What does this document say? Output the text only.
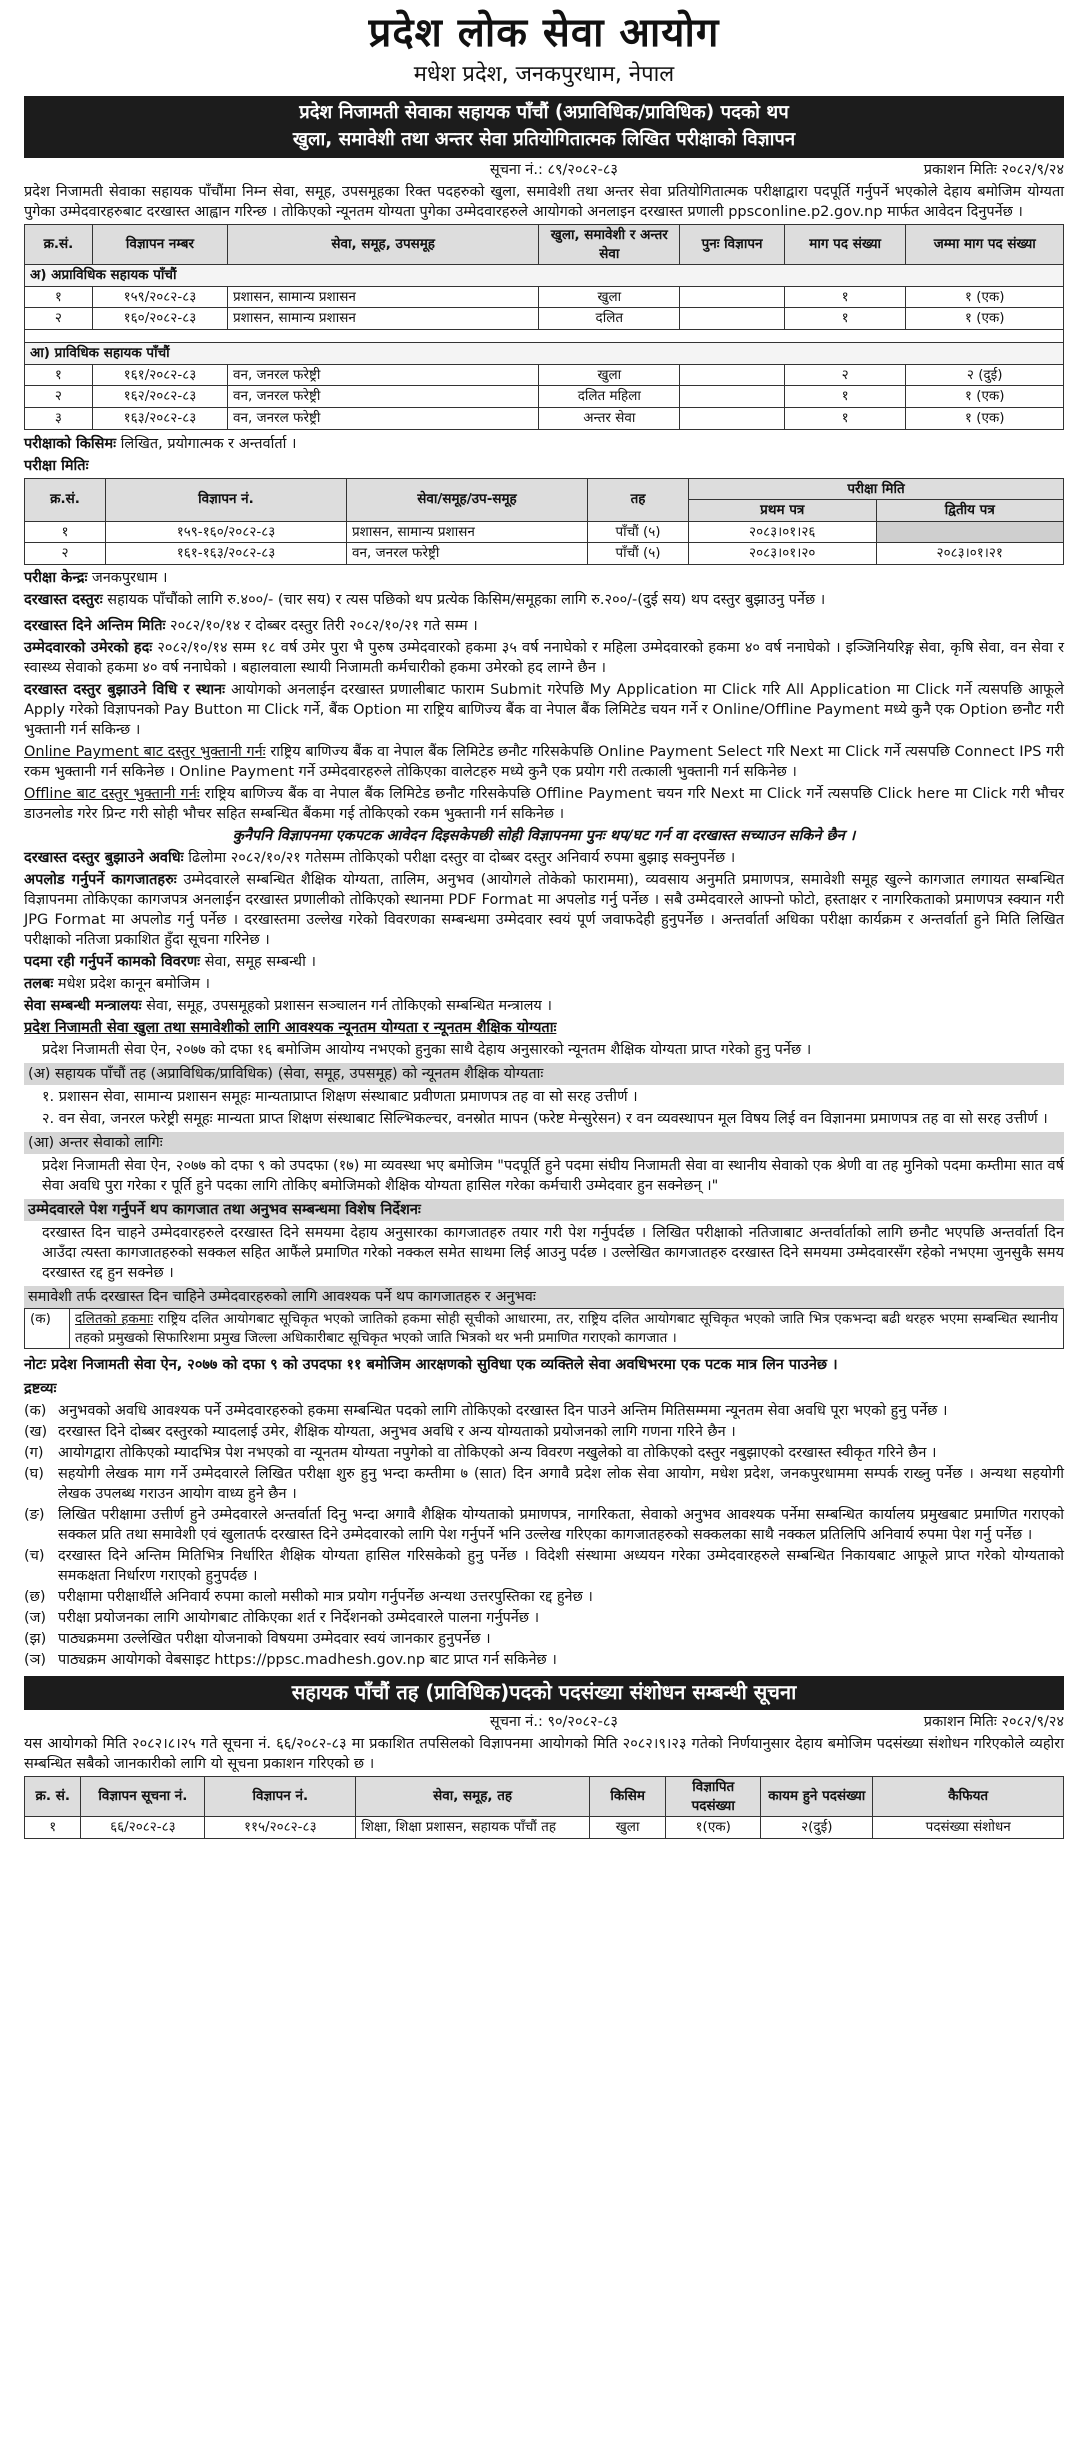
प्रदेश लोक सेवा आयोग
मधेश प्रदेश, जनकपुरधाम, नेपाल
प्रदेश निजामती सेवाका सहायक पाँचौं (अप्राविधिक/प्राविधिक) पदको थप
खुला, समावेशी तथा अन्तर सेवा प्रतियोगितात्मक लिखित परीक्षाको विज्ञापन
सूचना नं.: ८९/२०८२-८३	प्रकाशन मितिः २०८२/९/२४

प्रदेश निजामती सेवाका सहायक पाँचौंमा निम्न सेवा, समूह, उपसमूहका रिक्त पदहरुको खुला, समावेशी तथा अन्तर सेवा प्रतियोगितात्मक परीक्षाद्वारा पदपूर्ति गर्नुपर्ने भएकोले देहाय बमोजिम योग्यता पुगेका उम्मेदवारहरुबाट दरखास्त आह्वान गरिन्छ । तोकिएको न्यूनतम योग्यता पुगेका उम्मेदवारहरुले आयोगको अनलाइन दरखास्त प्रणाली ppsconline.p2.gov.np मार्फत आवेदन दिनुपर्नेछ ।

क्र.सं.	विज्ञापन नम्बर	सेवा, समूह, उपसमूह	खुला, समावेशी र अन्तर सेवा	पुनः विज्ञापन	माग पद संख्या	जम्मा माग पद संख्या
अ) अप्राविधिक सहायक पाँचौं						
१	१५९/२०८२-८३	प्रशासन, सामान्य प्रशासन	खुला		१	१ (एक)
२	१६०/२०८२-८३	प्रशासन, सामान्य प्रशासन	दलित		१	१ (एक)

आ) प्राविधिक सहायक पाँचौं						
१	१६१/२०८२-८३	वन, जनरल फरेष्ट्री	खुला		२	२ (दुई)
२	१६२/२०८२-८३	वन, जनरल फरेष्ट्री	दलित महिला		१	१ (एक)
३	१६३/२०८२-८३	वन, जनरल फरेष्ट्री	अन्तर सेवा		१	१ (एक)

परीक्षाको किसिमः लिखित, प्रयोगात्मक र अन्तर्वार्ता ।

परीक्षा मितिः

क्र.सं.	विज्ञापन नं.	सेवा/समूह/उप-समूह	तह	परीक्षा मिति	
				प्रथम पत्र	द्वितीय पत्र
१	१५९-१६०/२०८२-८३	प्रशासन, सामान्य प्रशासन	पाँचौं (५)	२०८३।०१।२६	
२	१६१-१६३/२०८२-८३	वन, जनरल फरेष्ट्री	पाँचौं (५)	२०८३।०१।२०	२०८३।०१।२१

परीक्षा केन्द्रः जनकपुरधाम ।

दरखास्त दस्तुरः सहायक पाँचौंको लागि रु.४००/- (चार सय) र त्यस पछिको थप प्रत्येक किसिम/समूहका लागि रु.२००/-(दुई सय) थप दस्तुर बुझाउनु पर्नेछ ।

दरखास्त दिने अन्तिम मितिः २०८२/१०/१४ र दोब्बर दस्तुर तिरी २०८२/१०/२१ गते सम्म ।

उम्मेदवारको उमेरको हदः २०८२/१०/१४ सम्म १८ वर्ष उमेर पुरा भै पुरुष उम्मेदवारको हकमा ३५ वर्ष ननाघेको र महिला उम्मेदवारको हकमा ४० वर्ष ननाघेको । इञ्जिनियरिङ्ग सेवा, कृषि सेवा, वन सेवा र स्वास्थ्य सेवाको हकमा ४० वर्ष ननाघेको । बहालवाला स्थायी निजामती कर्मचारीको हकमा उमेरको हद लाग्ने छैन ।

दरखास्त दस्तुर बुझाउने विधि र स्थानः आयोगको अनलाईन दरखास्त प्रणालीबाट फाराम Submit गरेपछि My Application मा Click गरि All Application मा Click गर्ने त्यसपछि आफूले Apply गरेको विज्ञापनको Pay Button मा Click गर्ने, बैंक Option मा राष्ट्रिय बाणिज्य बैंक वा नेपाल बैंक लिमिटेड चयन गर्ने र Online/Offline Payment मध्ये कुनै एक Option छनौट गरी भुक्तानी गर्न सकिन्छ ।

Online Payment बाट दस्तुर भुक्तानी गर्नः राष्ट्रिय बाणिज्य बैंक वा नेपाल बैंक लिमिटेड छनौट गरिसकेपछि Online Payment Select गरि Next मा Click गर्ने त्यसपछि Connect IPS गरी रकम भुक्तानी गर्न सकिनेछ । Online Payment गर्ने उम्मेदवारहरुले तोकिएका वालेटहरु मध्ये कुनै एक प्रयोग गरी तत्काली भुक्तानी गर्न सकिनेछ ।

Offline बाट दस्तुर भुक्तानी गर्नः राष्ट्रिय बाणिज्य बैंक वा नेपाल बैंक लिमिटेड छनौट गरिसकेपछि Offline Payment चयन गरि Next मा Click गर्ने त्यसपछि Click here मा Click गरी भौचर डाउनलोड गरेर प्रिन्ट गरी सोही भौचर सहित सम्बन्धित बैंकमा गई तोकिएको रकम भुक्तानी गर्न सकिनेछ ।

कुनैपनि विज्ञापनमा एकपटक आवेदन दिइसकेपछी सोही विज्ञापनमा पुनः थप/घट गर्न वा दरखास्त सच्याउन सकिने छैन ।

दरखास्त दस्तुर बुझाउने अवधिः ढिलोमा २०८२/१०/२१ गतेसम्म तोकिएको परीक्षा दस्तुर वा दोब्बर दस्तुर अनिवार्य रुपमा बुझाइ सक्नुपर्नेछ ।

अपलोड गर्नुपर्ने कागजातहरुः उम्मेदवारले सम्बन्धित शैक्षिक योग्यता, तालिम, अनुभव (आयोगले तोकेको फाराममा), व्यवसाय अनुमति प्रमाणपत्र, समावेशी समूह खुल्ने कागजात लगायत सम्बन्धित विज्ञापनमा तोकिएका कागजपत्र अनलाईन दरखास्त प्रणालीको तोकिएको स्थानमा PDF Format मा अपलोड गर्नु पर्नेछ । सबै उम्मेदवारले आफ्नो फोटो, हस्ताक्षर र नागरिकताको प्रमाणपत्र स्क्यान गरी JPG Format मा अपलोड गर्नु पर्नेछ । दरखास्तमा उल्लेख गरेको विवरणका सम्बन्धमा उम्मेदवार स्वयं पूर्ण जवाफदेही हुनुपर्नेछ । अन्तर्वार्ता अधिका परीक्षा कार्यक्रम र अन्तर्वार्ता हुने मिति लिखित परीक्षाको नतिजा प्रकाशित हुँदा सूचना गरिनेछ ।

पदमा रही गर्नुपर्ने कामको विवरणः सेवा, समूह सम्बन्धी ।

तलबः मधेश प्रदेश कानून बमोजिम ।

सेवा सम्बन्धी मन्त्रालयः सेवा, समूह, उपसमूहको प्रशासन सञ्चालन गर्न तोकिएको सम्बन्धित मन्त्रालय ।

प्रदेश निजामती सेवा खुला तथा समावेशीको लागि आवश्यक न्यूनतम योग्यता र न्यूनतम शैक्षिक योग्यताः

प्रदेश निजामती सेवा ऐन, २०७७ को दफा १६ बमोजिम आयोग्य नभएको हुनुका साथै देहाय अनुसारको न्यूनतम शैक्षिक योग्यता प्राप्त गरेको हुनु पर्नेछ ।

(अ) सहायक पाँचौं तह (अप्राविधिक/प्राविधिक) (सेवा, समूह, उपसमूह) को न्यूनतम शैक्षिक योग्यताः

१. प्रशासन सेवा, सामान्य प्रशासन समूहः मान्यताप्राप्त शिक्षण संस्थाबाट प्रवीणता प्रमाणपत्र तह वा सो सरह उत्तीर्ण ।

२. वन सेवा, जनरल फरेष्ट्री समूहः मान्यता प्राप्त शिक्षण संस्थाबाट सिल्भिकल्चर, वनस्रोत मापन (फरेष्ट मेन्सुरेसन) र वन व्यवस्थापन मूल विषय लिई वन विज्ञानमा प्रमाणपत्र तह वा सो सरह उत्तीर्ण ।

(आ) अन्तर सेवाको लागिः

प्रदेश निजामती सेवा ऐन, २०७७ को दफा ९ को उपदफा (१७) मा व्यवस्था भए बमोजिम "पदपूर्ति हुने पदमा संघीय निजामती सेवा वा स्थानीय सेवाको एक श्रेणी वा तह मुनिको पदमा कम्तीमा सात वर्ष सेवा अवधि पुरा गरेका र पूर्ति हुने पदका लागि तोकिए बमोजिमको शैक्षिक योग्यता हासिल गरेका कर्मचारी उम्मेदवार हुन सक्नेछन् ।"

उम्मेदवारले पेश गर्नुपर्ने थप कागजात तथा अनुभव सम्बन्धमा विशेष निर्देशनः

दरखास्त दिन चाहने उम्मेदवारहरुले दरखास्त दिने समयमा देहाय अनुसारका कागजातहरु तयार गरी पेश गर्नुपर्दछ । लिखित परीक्षाको नतिजाबाट अन्तर्वार्ताको लागि छनौट भएपछि अन्तर्वार्ता दिन आउँदा त्यस्ता कागजातहरुको सक्कल सहित आफैंले प्रमाणित गरेको नक्कल समेत साथमा लिई आउनु पर्दछ । उल्लेखित कागजातहरु दरखास्त दिने समयमा उम्मेदवारसँग रहेको नभएमा जुनसुकै समय दरखास्त रद्द हुन सक्नेछ ।

समावेशी तर्फ दरखास्त दिन चाहिने उम्मेदवारहरुको लागि आवश्यक पर्ने थप कागजातहरु र अनुभवः
(क)	दलितको हकमाः राष्ट्रिय दलित आयोगबाट सूचिकृत भएको जातिको हकमा सोही सूचीको आधारमा, तर, राष्ट्रिय दलित आयोगबाट सूचिकृत भएको जाति भित्र एकभन्दा बढी थरहरु भएमा सम्बन्धित स्थानीय तहको प्रमुखको सिफारिशमा प्रमुख जिल्ला अधिकारीबाट सूचिकृत भएको जाति भित्रको थर भनी प्रमाणित गराएको कागजात ।

नोटः प्रदेश निजामती सेवा ऐन, २०७७ को दफा ९ को उपदफा ११ बमोजिम आरक्षणको सुविधा एक व्यक्तिले सेवा अवधिभरमा एक पटक मात्र लिन पाउनेछ ।

द्रष्टव्यः

(क) अनुभवको अवधि आवश्यक पर्ने उम्मेदवारहरुको हकमा सम्बन्धित पदको लागि तोकिएको दरखास्त दिन पाउने अन्तिम मितिसम्ममा न्यूनतम सेवा अवधि पूरा भएको हुनु पर्नेछ ।
(ख) दरखास्त दिने दोब्बर दस्तुरको म्यादलाई उमेर, शैक्षिक योग्यता, अनुभव अवधि र अन्य योग्यताको प्रयोजनको लागि गणना गरिने छैन ।
(ग)	आयोगद्वारा तोकिएको म्यादभित्र पेश नभएको वा न्यूनतम योग्यता नपुगेको वा तोकिएको अन्य विवरण नखुलेको वा तोकिएको दस्तुर नबुझाएको दरखास्त स्वीकृत गरिने छैन ।
(घ) सहयोगी लेखक माग गर्ने उम्मेदवारले लिखित परीक्षा शुरु हुनु भन्दा कम्तीमा ७ (सात) दिन अगावै प्रदेश लोक सेवा आयोग, मधेश प्रदेश, जनकपुरधाममा सम्पर्क राख्नु पर्नेछ । अन्यथा सहयोगी लेखक उपलब्ध गराउन आयोग वाध्य हुने छैन ।
(ङ) लिखित परीक्षामा उत्तीर्ण हुने उम्मेदवारले अन्तर्वार्ता दिनु भन्दा अगावै शैक्षिक योग्यताको प्रमाणपत्र, नागरिकता, सेवाको अनुभव आवश्यक पर्नेमा सम्बन्धित कार्यालय प्रमुखबाट प्रमाणित गराएको सक्कल प्रति तथा समावेशी एवं खुलातर्फ दरखास्त दिने उम्मेदवारको लागि पेश गर्नुपर्ने भनि उल्लेख गरिएका कागजातहरुको सक्कलका साथै नक्कल प्रतिलिपि अनिवार्य रुपमा पेश गर्नु पर्नेछ ।
(च) दरखास्त दिने अन्तिम मितिभित्र निर्धारित शैक्षिक योग्यता हासिल गरिसकेको हुनु पर्नेछ । विदेशी संस्थामा अध्ययन गरेका उम्मेदवारहरुले सम्बन्धित निकायबाट आफूले प्राप्त गरेको योग्यताको समकक्षता निर्धारण गराएको हुनुपर्दछ ।
(छ) परीक्षामा परीक्षार्थीले अनिवार्य रुपमा कालो मसीको मात्र प्रयोग गर्नुपर्नेछ अन्यथा उत्तरपुस्तिका रद्द हुनेछ ।
(ज) परीक्षा प्रयोजनका लागि आयोगबाट तोकिएका शर्त र निर्देशनको उम्मेदवारले पालना गर्नुपर्नेछ ।
(झ) पाठ्यक्रममा उल्लेखित परीक्षा योजनाको विषयमा उम्मेदवार स्वयं जानकार हुनुपर्नेछ ।
(ञ) पाठ्यक्रम आयोगको वेबसाइट https://ppsc.madhesh.gov.np बाट प्राप्त गर्न सकिनेछ ।
सहायक पाँचौं तह (प्राविधिक)पदको पदसंख्या संशोधन सम्बन्धी सूचना
सूचना नं.: ९०/२०८२-८३	प्रकाशन मितिः २०८२/९/२४

यस आयोगको मिति २०८२।८।२५ गते सूचना नं. ६६/२०८२-८३ मा प्रकाशित तपसिलको विज्ञापनमा आयोगको मिति २०८२।९।२३ गतेको निर्णयानुसार देहाय बमोजिम पदसंख्या संशोधन गरिएकोले व्यहोरा सम्बन्धित सबैको जानकारीको लागि यो सूचना प्रकाशन गरिएको छ ।

क्र. सं.	विज्ञापन सूचना नं.	विज्ञापन नं.	सेवा, समूह, तह	किसिम	विज्ञापित पदसंख्या	कायम हुने पदसंख्या	कैफियत
१	६६/२०८२-८३	११५/२०८२-८३	शिक्षा, शिक्षा प्रशासन, सहायक पाँचौं तह	खुला	१(एक)	२(दुई)	पदसंख्या संशोधन
